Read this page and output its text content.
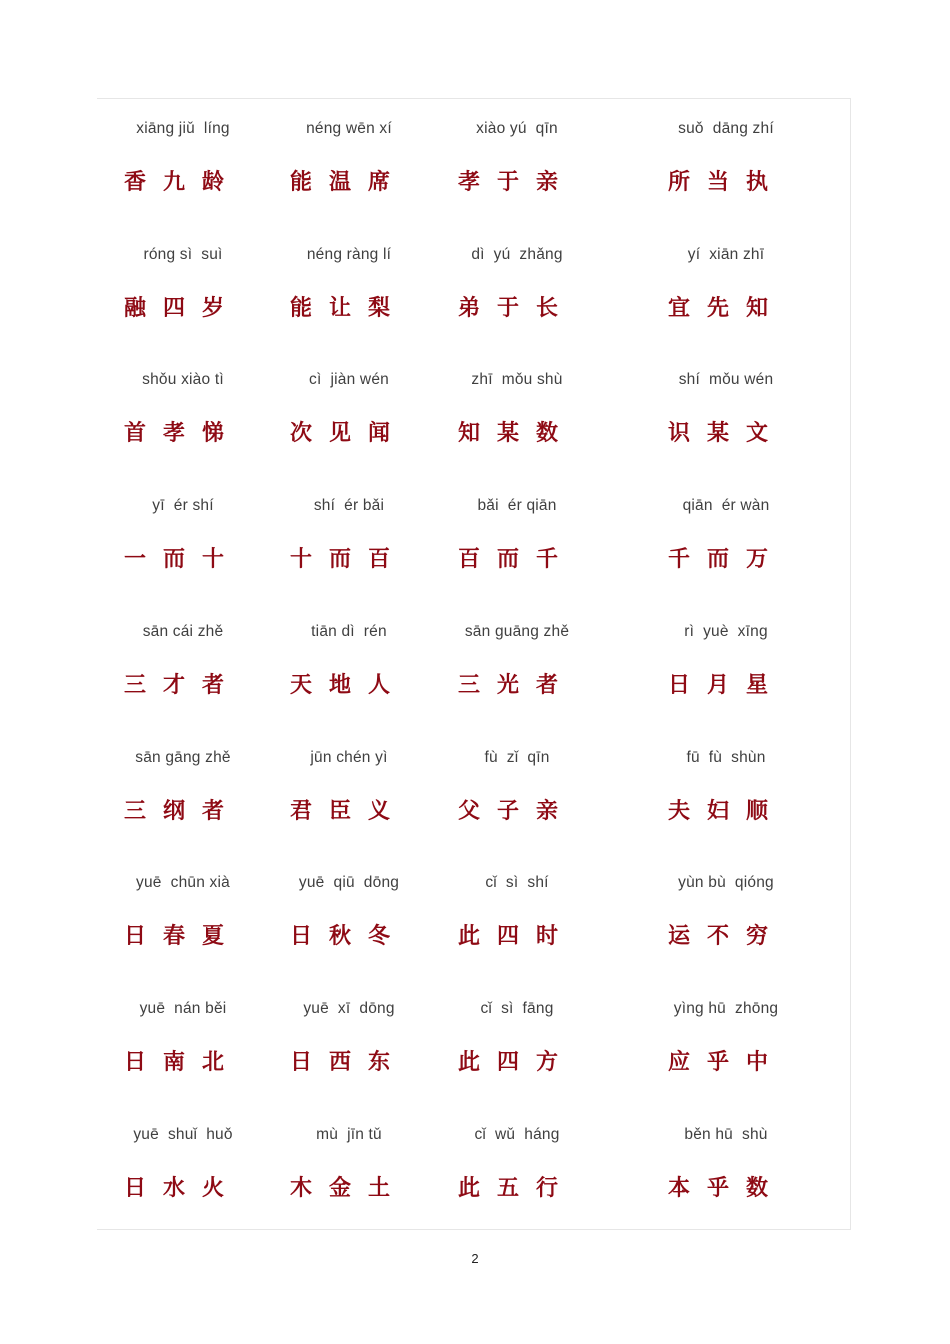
xiāng jiǔ  líng
香 九 龄
néng wēn xí
能 温 席
xiào yú  qīn
孝 于 亲
suǒ  dāng zhí
所 当 执
róng sì  suì
融 四 岁
néng ràng lí
能 让 梨
dì  yú  zhǎng
弟 于 长
yí  xiān zhī
宜 先 知
shǒu xiào tì
首 孝 悌
cì  jiàn wén
次 见 闻
zhī  mǒu shù
知 某 数
shí  mǒu wén
识 某 文
yī  ér shí
一 而 十
shí  ér bǎi
十 而 百
bǎi  ér qiān
百 而 千
qiān  ér wàn
千 而 万
sān cái zhě
三 才 者
tiān dì  rén
天 地 人
sān guāng zhě
三 光 者
rì  yuè  xīng
日 月 星
sān gāng zhě
三 纲 者
jūn chén yì
君 臣 义
fù  zǐ  qīn
父 子 亲
fū  fù  shùn
夫 妇 顺
yuē  chūn xià
日 春 夏
yuē  qiū  dōng
日 秋 冬
cǐ  sì  shí
此 四 时
yùn bù  qióng
运 不 穷
yuē  nán běi
日 南 北
yuē  xī  dōng
日 西 东
cǐ  sì  fāng
此 四 方
yìng hū  zhōng
应 乎 中
yuē  shuǐ  huǒ
日 水 火
mù  jīn tǔ
木 金 土
cǐ  wǔ  háng
此 五 行
běn hū  shù
本 乎 数
2
